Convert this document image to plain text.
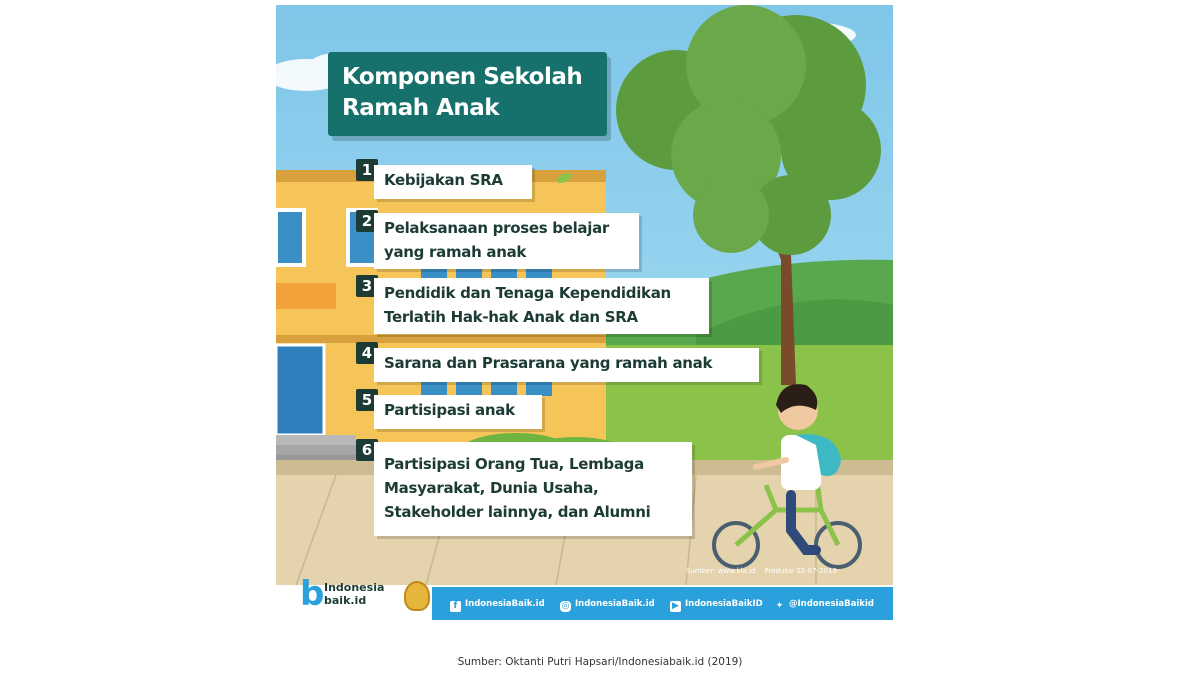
Komponen Sekolah Ramah Anak
1
Kebijakan SRA
2 Pelaksanaan proses belajar yang ramah anak
3 Pendidik dan Tenaga Kependidikan Terlatih Hak-hak Anak dan SRA
4
Sarana dan Prasarana yang ramah anak
5
Partisipasi anak
6
Partisipasi Orang Tua, Lembaga Masyarakat, Dunia Usaha, Stakeholder lainnya, dan Alumni
Sumber: www.kla.id Produksi 02-07-2019
f IndonesiaBaik.id ◎ IndonesiaBaik.id ▶ IndonesiaBaikID ✦ @IndonesiaBaikid
b Indonesia baik.id
Sumber: Oktanti Putri Hapsari/Indonesiabaik.id (2019)
